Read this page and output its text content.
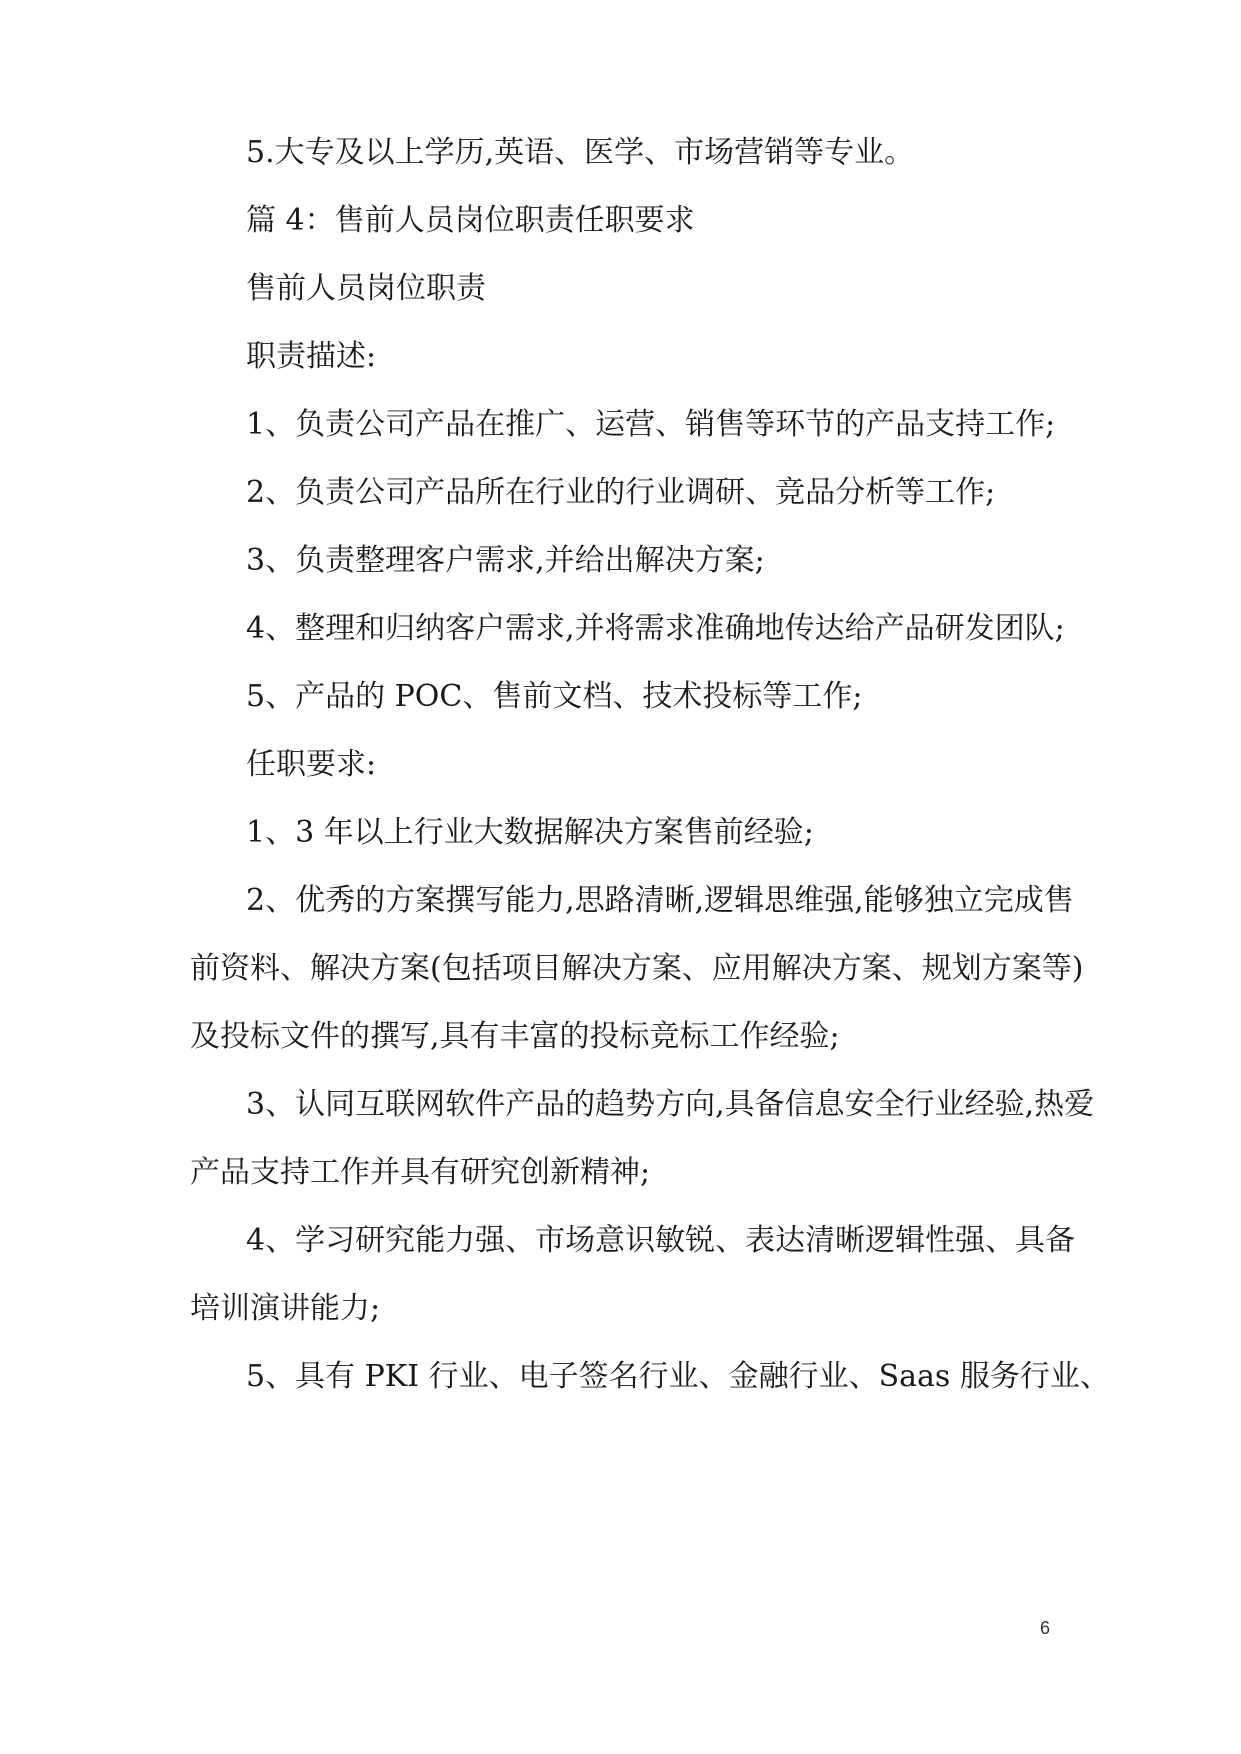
5.大专及以上学历,英语、医学、市场营销等专业。
篇 4：售前人员岗位职责任职要求
售前人员岗位职责
职责描述:
1、负责公司产品在推广、运营、销售等环节的产品支持工作;
2、负责公司产品所在行业的行业调研、竞品分析等工作;
3、负责整理客户需求,并给出解决方案;
4、整理和归纳客户需求,并将需求准确地传达给产品研发团队;
5、产品的 POC、售前文档、技术投标等工作;
任职要求:
1、3 年以上行业大数据解决方案售前经验;
2、优秀的方案撰写能力,思路清晰,逻辑思维强,能够独立完成售
前资料、解决方案(包括项目解决方案、应用解决方案、规划方案等)
及投标文件的撰写,具有丰富的投标竞标工作经验;
3、认同互联网软件产品的趋势方向,具备信息安全行业经验,热爱
产品支持工作并具有研究创新精神;
4、学习研究能力强、市场意识敏锐、表达清晰逻辑性强、具备
培训演讲能力;
5、具有 PKI 行业、电子签名行业、金融行业、Saas 服务行业、
6
